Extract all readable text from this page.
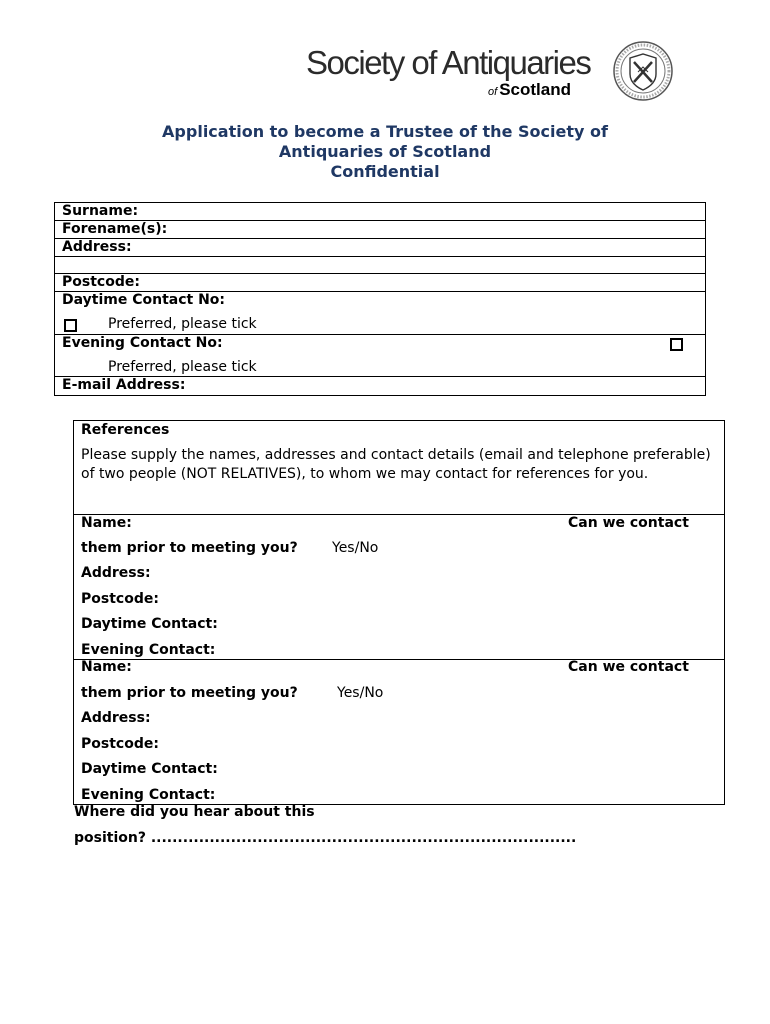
Society of Antiquaries
of Scotland
Application to become a Trustee of the Society of
Antiquaries of Scotland
Confidential
Surname:
Forename(s):
Address:
Postcode:
Daytime Contact No:
Preferred, please tick
Evening Contact No:
Preferred, please tick
E-mail Address:
References
Please supply the names, addresses and contact details (email and telephone preferable) of two people (NOT RELATIVES), to whom we may contact for references for you.
Name:	Can we contact
them prior to meeting you? Yes/No
Address:
Postcode:
Daytime Contact:
Evening Contact:
Name:	Can we contact
them prior to meeting you?	Yes/No
Address:
Postcode:
Daytime Contact:
Evening Contact:
Where did you hear about this
position? ................................................................................
